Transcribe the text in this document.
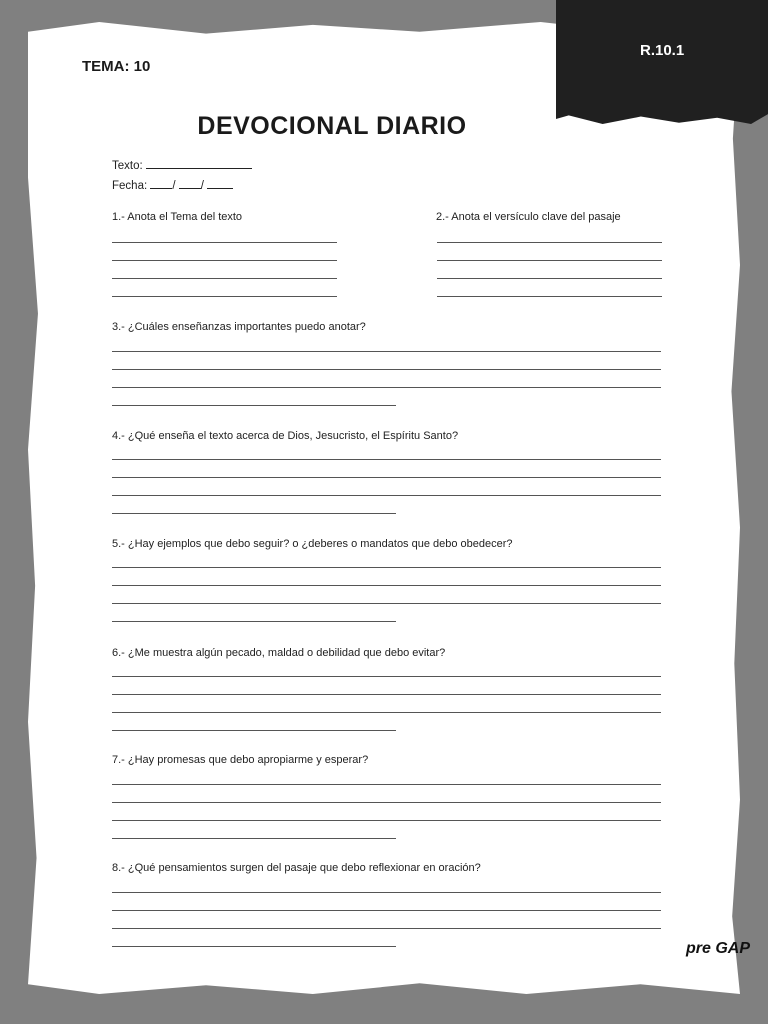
R.10.1
TEMA: 10
DEVOCIONAL DIARIO
Texto:
Fecha: / /
1.- Anota el Tema del texto	2.- Anota el versículo clave del pasaje
3.- ¿Cuáles enseñanzas importantes puedo anotar?
4.- ¿Qué enseña el texto acerca de Dios, Jesucristo, el Espíritu Santo?
5.- ¿Hay ejemplos que debo seguir? o ¿deberes o mandatos que debo obedecer?
6.- ¿Me muestra algún pecado, maldad o debilidad que debo evitar?
7.- ¿Hay promesas que debo apropiarme y esperar?
8.- ¿Qué pensamientos surgen del pasaje que debo reflexionar en oración?
pre GAP
